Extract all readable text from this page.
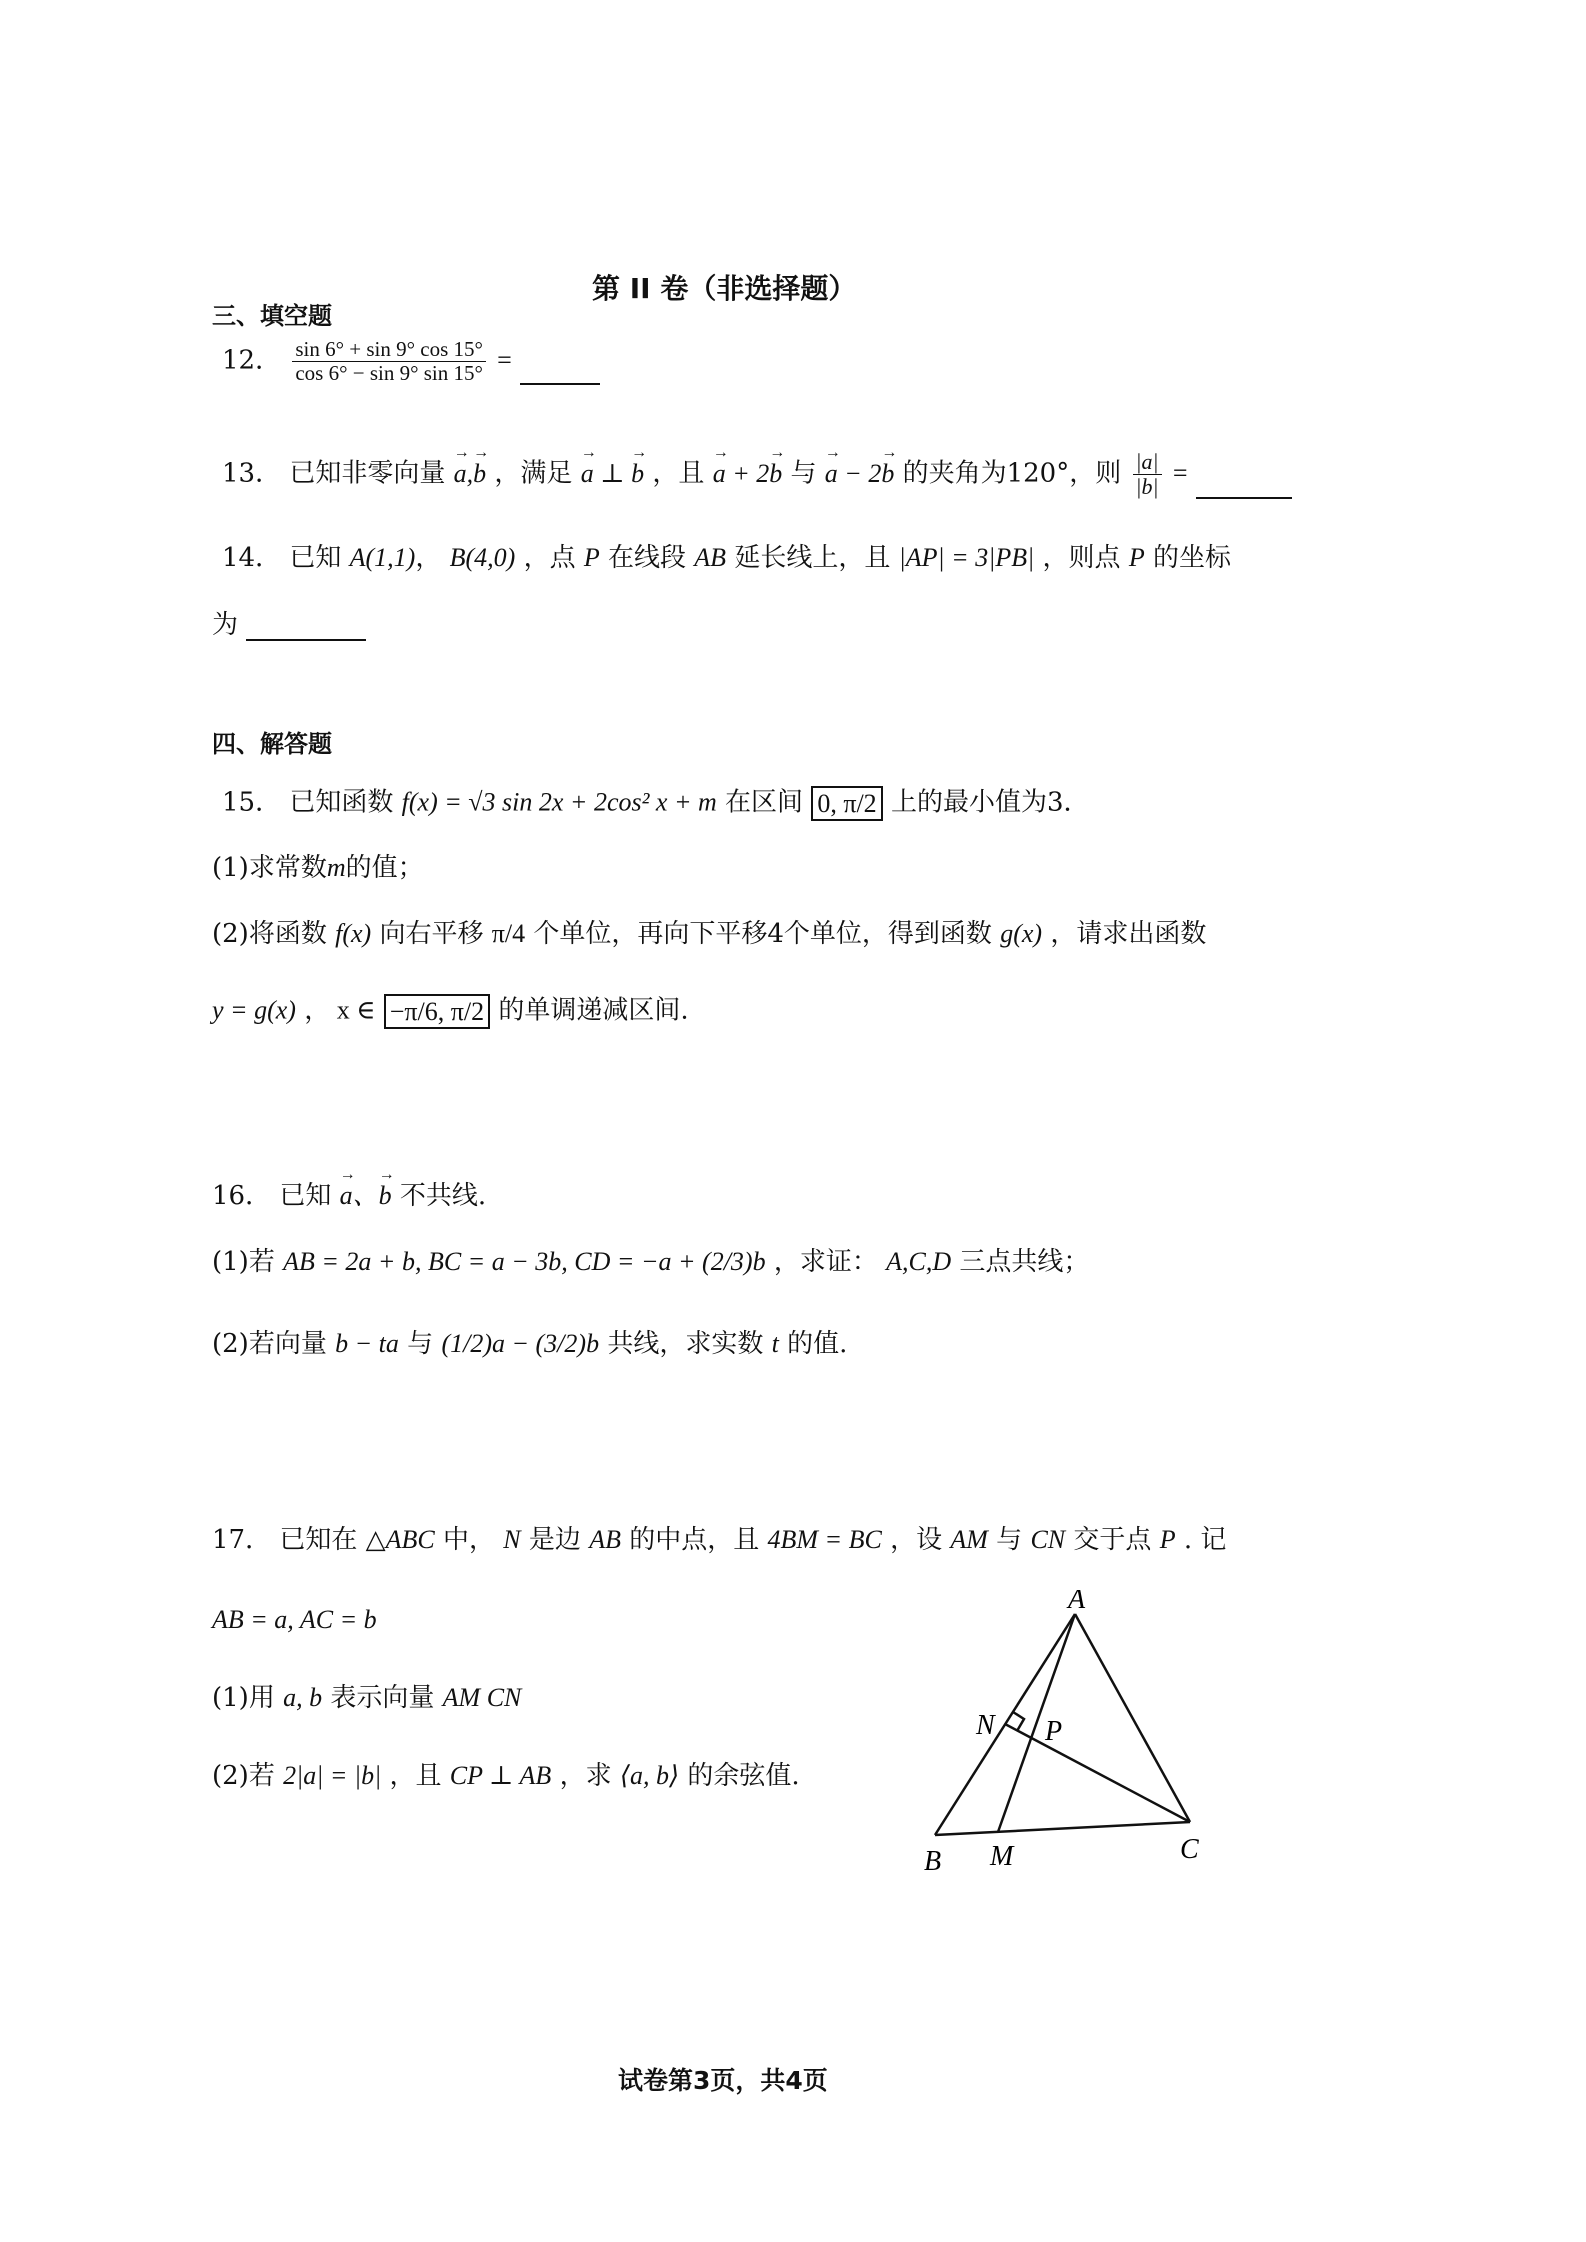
第 II 卷（非选择题）
三、填空题
12． $\frac{\sin 6^\circ + \sin 9^\circ \cos 15^\circ}{\cos 6^\circ - \sin 9^\circ \sin 15^\circ}$ =
13． 已知非零向量 → a,→ b ，满足 → a ⊥ → b ，且 → a + 2→ b 与 → a − 2→ b 的夹角为120°，则 $\frac{|a|}{|b|}$ =
14． 已知 A(1,1)， B(4,0) ，点 P 在线段 AB 延长线上，且 |AP| = 3|PB| ，则点 P 的坐标
为
四、解答题
15． 已知函数 f(x) = √3 sin 2x + 2cos² x + m 在区间 0, π/2 上的最小值为3．
(1)求常数m的值；
(2)将函数 f(x) 向右平移 π/4 个单位，再向下平移4个单位，得到函数 g(x) ，请求出函数
y = g(x) ， x ∈ −π/6, π/2 的单调递减区间.
16． 已知 → a、→ b 不共线.
(1)若 AB = 2a + b, BC = a − 3b, CD = −a + (2/3)b ，求证： A,C,D 三点共线；
(2)若向量 b − ta 与 (1/2)a − (3/2)b 共线，求实数 t 的值.
17． 已知在 △ABC 中， N 是边 AB 的中点，且 4BM = BC ，设 AM 与 CN 交于点 P . 记
AB = a, AC = b
(1)用 a, b 表示向量 AM CN
(2)若 2|a| = |b| ，且 CP ⊥ AB ，求 ⟨a, b⟩ 的余弦值.
A
N P
B M	C
试卷第3页，共4页
